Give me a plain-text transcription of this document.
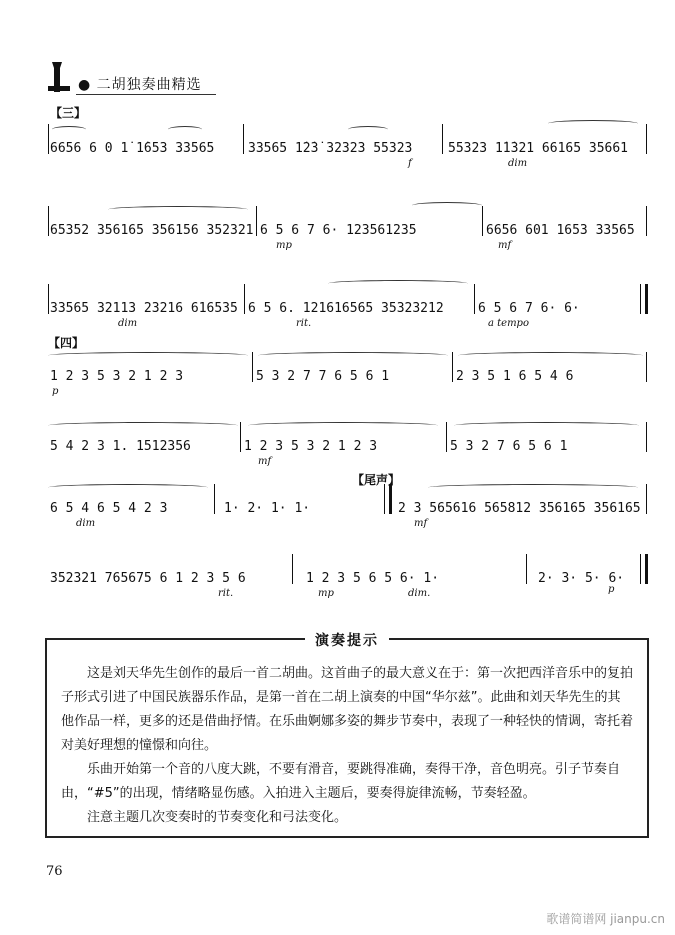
● 二胡独奏曲精选
【三】
【四】
【尾声】
6656 6 0 1̇ 1̇653 33565	33565 1̇2̇3̇ 32323 55323	55323 1̇1̇321 66165 35661
f	dim
65352 356165 356156 352321 6 5 6 7 6· 123561235	6656 601 1653 33565
mp	mf
33565 32113 23216 616535 6 5 6. 121616565 35323212	6 5 6 7 6· 6·
dim	rit.	a tempo
1 2 3 5 3 2 1 2 3	5 3 2 7 7 6 5 6 1	2 3 5 1 6 5 4 6
p
5 4 2 3 1. 1512356	1 2 3 5 3 2 1 2 3	5 3 2 7 6 5 6 1
mf
6 5 4 6 5 4 2 3	1· 2· 1· 1·	2 3 565616 565812 356165 356165
dim	mf
352321 765675 6 1 2 3 5 6	1 2 3 5 6 5 6· 1·	2· 3· 5· 6·
rit.	mp	dim.	p
演奏提示
这是刘天华先生创作的最后一首二胡曲。这首曲子的最大意义在于：第一次把西洋音乐中的复拍子形式引进了中国民族器乐作品，是第一首在二胡上演奏的中国“华尔兹”。此曲和刘天华先生的其他作品一样，更多的还是借曲抒情。在乐曲婀娜多姿的舞步节奏中，表现了一种轻快的情调，寄托着对美好理想的憧憬和向往。
乐曲开始第一个音的八度大跳，不要有滑音，要跳得准确，奏得干净，音色明亮。引子节奏自由，“#5”的出现，情绪略显伤感。入拍进入主题后，要奏得旋律流畅，节奏轻盈。
注意主题几次变奏时的节奏变化和弓法变化。
76
歌谱简谱网 jianpu.cn
